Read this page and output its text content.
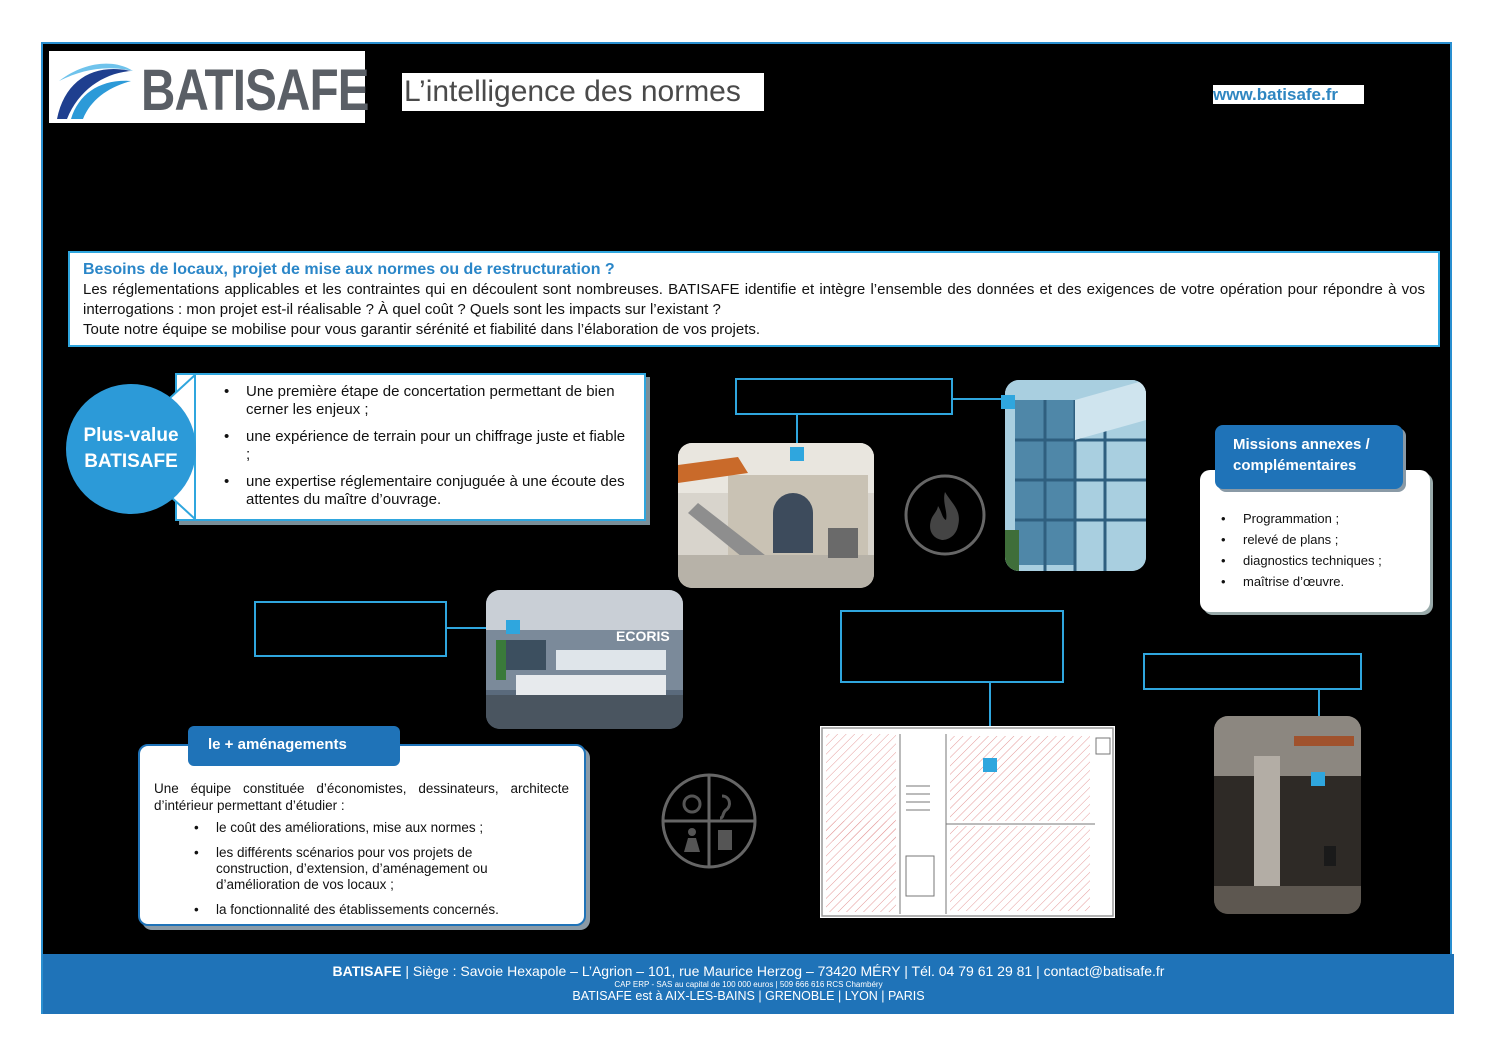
BATISAFE L’intelligence des normes	www.batisafe.fr
Besoins de locaux, projet de mise aux normes ou de restructuration ?

Les réglementations applicables et les contraintes qui en découlent sont nombreuses. BATISAFE identifie et intègre l’ensemble des données et des exigences de votre opération pour répondre à vos interrogations : mon projet est-il réalisable ? À quel coût ? Quels sont les impacts sur l’existant ?

Toute notre équipe se mobilise pour vous garantir sérénité et fiabilité dans l’élaboration de vos projets.

Plus-value
BATISAFE
• Une première étape de concertation permettant de bien cerner les enjeux ;
• une expérience de terrain pour un chiffrage juste et fiable ;
• une expertise réglementaire conjuguée à une écoute des attentes du maître d’ouvrage.
Missions annexes / complémentaires
• Programmation ;
• relevé de plans ;
• diagnostics techniques ;
• maîtrise d’œuvre.
ECORIS
le + aménagements
Une équipe constituée d’économistes, dessinateurs, architecte d’intérieur permettant d’étudier :
• le coût des améliorations, mise aux normes ;
• les différents scénarios pour vos projets de construction, d’extension, d’aménagement ou d’amélioration de vos locaux ;
• la fonctionnalité des établissements concernés.
BATISAFE | Siège : Savoie Hexapole – L’Agrion – 101, rue Maurice Herzog – 73420 MÉRY | Tél. 04 79 61 29 81 | contact@batisafe.fr
CAP ERP - SAS au capital de 100 000 euros | 509 666 616 RCS Chambéry
BATISAFE est à AIX-LES-BAINS | GRENOBLE | LYON | PARIS
